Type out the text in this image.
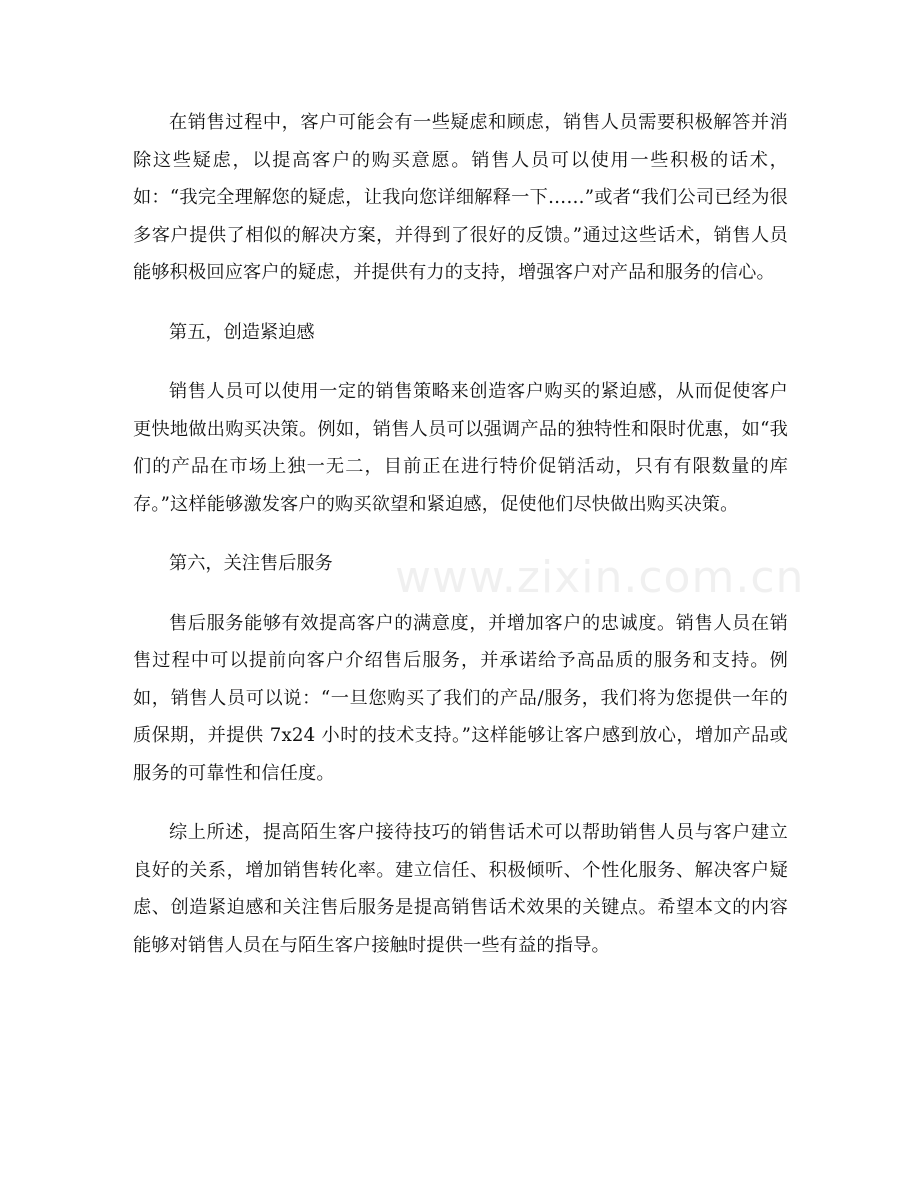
在销售过程中，客户可能会有一些疑虑和顾虑，销售人员需要积极解答并消除这些疑虑，以提高客户的购买意愿。销售人员可以使用一些积极的话术，如：“我完全理解您的疑虑，让我向您详细解释一下……”或者“我们公司已经为很多客户提供了相似的解决方案，并得到了很好的反馈。”通过这些话术，销售人员能够积极回应客户的疑虑，并提供有力的支持，增强客户对产品和服务的信心。

第五，创造紧迫感

销售人员可以使用一定的销售策略来创造客户购买的紧迫感，从而促使客户更快地做出购买决策。例如，销售人员可以强调产品的独特性和限时优惠，如“我们的产品在市场上独一无二，目前正在进行特价促销活动，只有有限数量的库存。”这样能够激发客户的购买欲望和紧迫感，促使他们尽快做出购买决策。

第六，关注售后服务

售后服务能够有效提高客户的满意度，并增加客户的忠诚度。销售人员在销售过程中可以提前向客户介绍售后服务，并承诺给予高品质的服务和支持。例如，销售人员可以说：“一旦您购买了我们的产品/服务，我们将为您提供一年的质保期，并提供 7x24 小时的技术支持。”这样能够让客户感到放心，增加产品或服务的可靠性和信任度。

综上所述，提高陌生客户接待技巧的销售话术可以帮助销售人员与客户建立良好的关系，增加销售转化率。建立信任、积极倾听、个性化服务、解决客户疑虑、创造紧迫感和关注售后服务是提高销售话术效果的关键点。希望本文的内容能够对销售人员在与陌生客户接触时提供一些有益的指导。

www.zixin.com.cn
